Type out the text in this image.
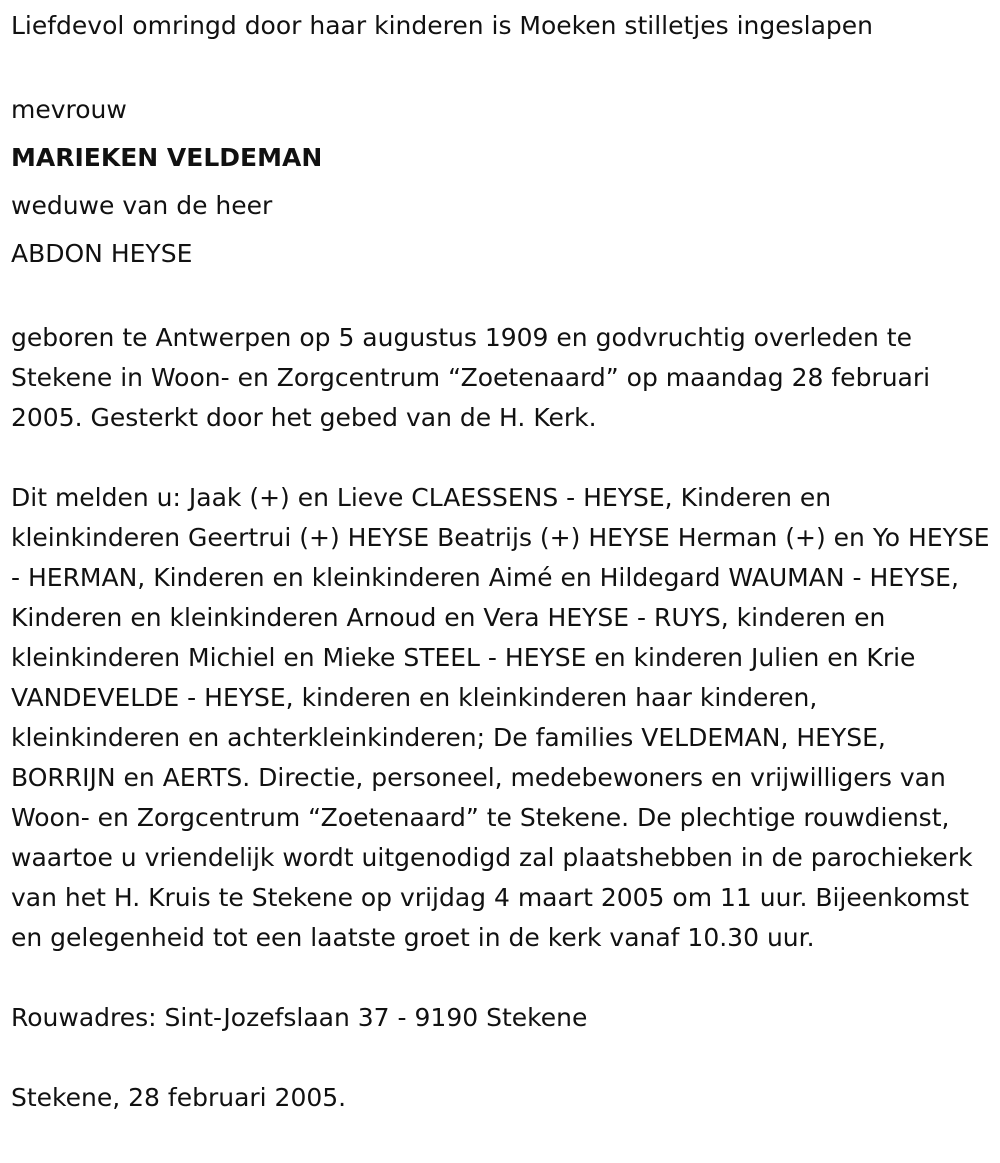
Liefdevol omringd door haar kinderen is Moeken stilletjes ingeslapen

mevrouw

MARIEKEN VELDEMAN

weduwe van de heer

ABDON HEYSE

geboren te Antwerpen op 5 augustus 1909 en godvruchtig overleden te Stekene in Woon- en Zorgcentrum “Zoetenaard” op maandag 28 februari 2005. Gesterkt door het gebed van de H. Kerk.

Dit melden u: Jaak (+) en Lieve CLAESSENS - HEYSE, Kinderen en kleinkinderen Geertrui (+) HEYSE Beatrijs (+) HEYSE Herman (+) en Yo HEYSE - HERMAN, Kinderen en kleinkinderen Aimé en Hildegard WAUMAN - HEYSE, Kinderen en kleinkinderen Arnoud en Vera HEYSE - RUYS, kinderen en kleinkinderen Michiel en Mieke STEEL - HEYSE en kinderen Julien en Krie VANDEVELDE - HEYSE, kinderen en kleinkinderen haar kinderen, kleinkinderen en achterkleinkinderen; De families VELDEMAN, HEYSE, BORRIJN en AERTS. Directie, personeel, medebewoners en vrijwilligers van Woon- en Zorgcentrum “Zoetenaard” te Stekene. De plechtige rouwdienst, waartoe u vriendelijk wordt uitgenodigd zal plaatshebben in de parochiekerk van het H. Kruis te Stekene op vrijdag 4 maart 2005 om 11 uur. Bijeenkomst en gelegenheid tot een laatste groet in de kerk vanaf 10.30 uur.

Rouwadres: Sint-Jozefslaan 37 - 9190 Stekene

Stekene, 28 februari 2005.
